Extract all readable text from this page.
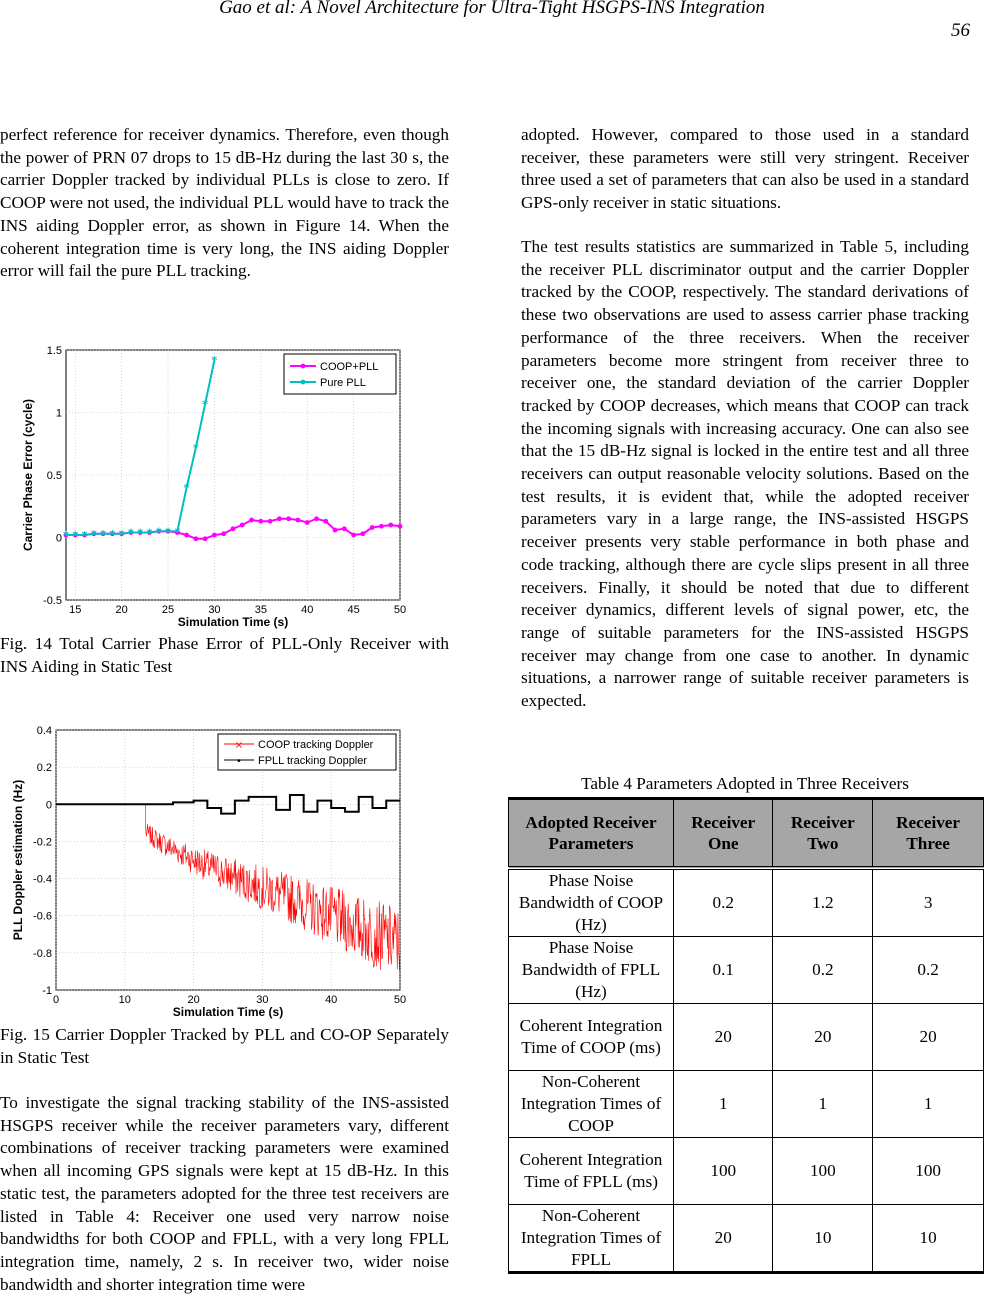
Gao et al: A Novel Architecture for Ultra-Tight HSGPS-INS Integration
56

perfect reference for receiver dynamics. Therefore, even though the power of PRN 07 drops to 15 dB-Hz during the last 30 s, the carrier Doppler tracked by individual PLLs is close to zero. If COOP were not used, the individual PLL would have to track the INS aiding Doppler error, as shown in Figure 14. When the coherent integration time is very long, the INS aiding Doppler error will fail the pure PLL tracking.

15	20	25	30	35	40	45	50
-0.5
0
0.5
1
1.5
Simulation Time (s)
Carrier Phase Error (cycle)	* * * * * * * * * * * * *
*
*
*
*	COOP+PLL
Pure PLL

Fig. 14 Total Carrier Phase Error of PLL-Only Receiver with INS Aiding in Static Test

0	10	20	30	40	50
-1
-0.8
-0.6
-0.4
-0.2
0
0.2
0.4
Simulation Time (s)
PLL Doppler estimation (Hz)
× COOP tracking Doppler
• FPLL tracking Doppler

Fig. 15 Carrier Doppler Tracked by PLL and CO-OP Separately in Static Test

To investigate the signal tracking stability of the INS-assisted HSGPS receiver while the receiver parameters vary, different combinations of receiver tracking parameters were examined when all incoming GPS signals were kept at 15 dB-Hz. In this static test, the parameters adopted for the three test receivers are listed in Table 4: Receiver one used very narrow noise bandwidths for both COOP and FPLL, with a very long FPLL integration time, namely, 2 s. In receiver two, wider noise bandwidth and shorter integration time were

adopted. However, compared to those used in a standard receiver, these parameters were still very stringent. Receiver three used a set of parameters that can also be used in a standard GPS-only receiver in static situations.

The test results statistics are summarized in Table 5, including the receiver PLL discriminator output and the carrier Doppler tracked by the COOP, respectively. The standard derivations of these two observations are used to assess carrier phase tracking performance of the three receivers. When the receiver parameters become more stringent from receiver three to receiver one, the standard deviation of the carrier Doppler tracked by COOP decreases, which means that COOP can track the incoming signals with increasing accuracy. One can also see that the 15 dB-Hz signal is locked in the entire test and all three receivers can output reasonable velocity solutions. Based on the test results, it is evident that, while the adopted receiver parameters vary in a large range, the INS-assisted HSGPS receiver presents very stable performance in both phase and code tracking, although there are cycle slips present in all three receivers. Finally, it should be noted that due to different receiver dynamics, different levels of signal power, etc, the range of suitable parameters for the INS-assisted HSGPS receiver may change from one case to another. In dynamic situations, a narrower range of suitable receiver parameters is expected.

Table 4 Parameters Adopted in Three Receivers
Adopted Receiver Parameters	Receiver One	Receiver Two	Receiver Three
Phase Noise Bandwidth of COOP (Hz)	0.2	1.2	3
Phase Noise Bandwidth of FPLL (Hz)	0.1	0.2	0.2
Coherent Integration Time of COOP (ms)	20	20	20
Non-Coherent Integration Times of COOP	1	1	1
Coherent Integration Time of FPLL (ms)	100	100	100
Non-Coherent Integration Times of FPLL	20	10	10
